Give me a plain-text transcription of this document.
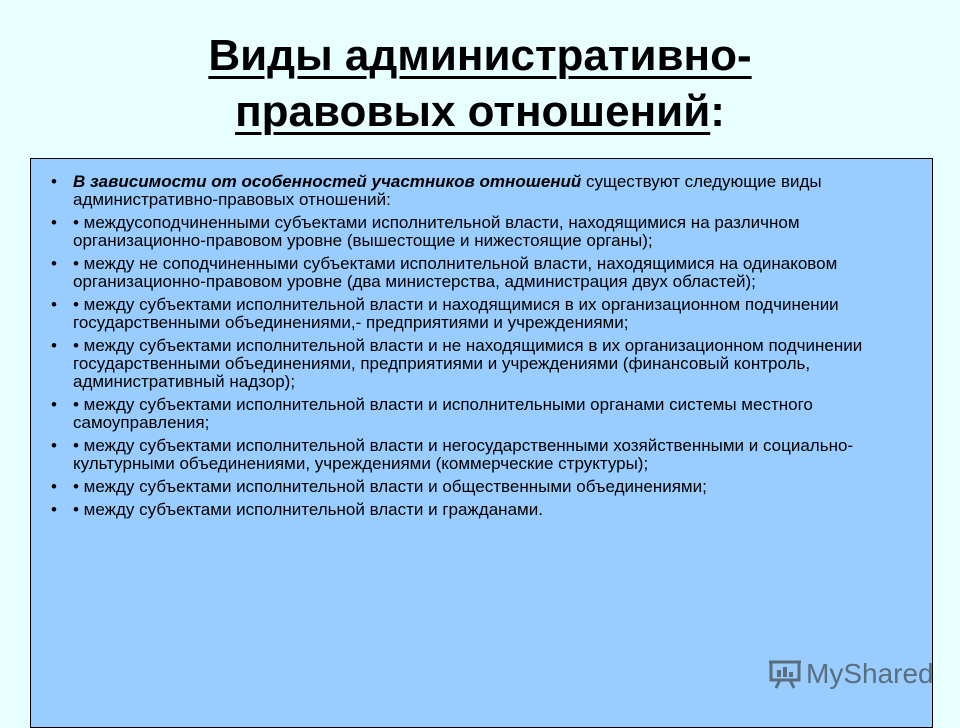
Виды административно-
правовых отношений:
• В зависимости от особенностей участников отношений существуют следующие виды административно-правовых отношений:
• • междусоподчиненными субъектами исполнительной власти, находящимися на различном организационно-правовом уровне (вышестощие и нижестоящие органы);
• • между не соподчиненными субъектами исполнительной власти, находящимися на одинаковом организационно-правовом уровне (два министерства, администрация двух областей);
• • между субъектами исполнительной власти и находящимися в их организационном подчинении государственными объединениями,- предприятиями и учреждениями;
• • между субъектами исполнительной власти и не находящимися в их организационном подчинении государственными объединениями, предприятиями и учреждениями (финансовый контроль, административный надзор);
• • между субъектами исполнительной власти и исполнительными органами системы местного самоуправления;
• • между субъектами исполнительной власти и негосударственными хозяйственными и социально-культурными объединениями, учреждениями (коммерческие структуры);
• • между субъектами исполнительной власти и общественными объединениями;
• • между субъектами исполнительной власти и гражданами.
MyShared
